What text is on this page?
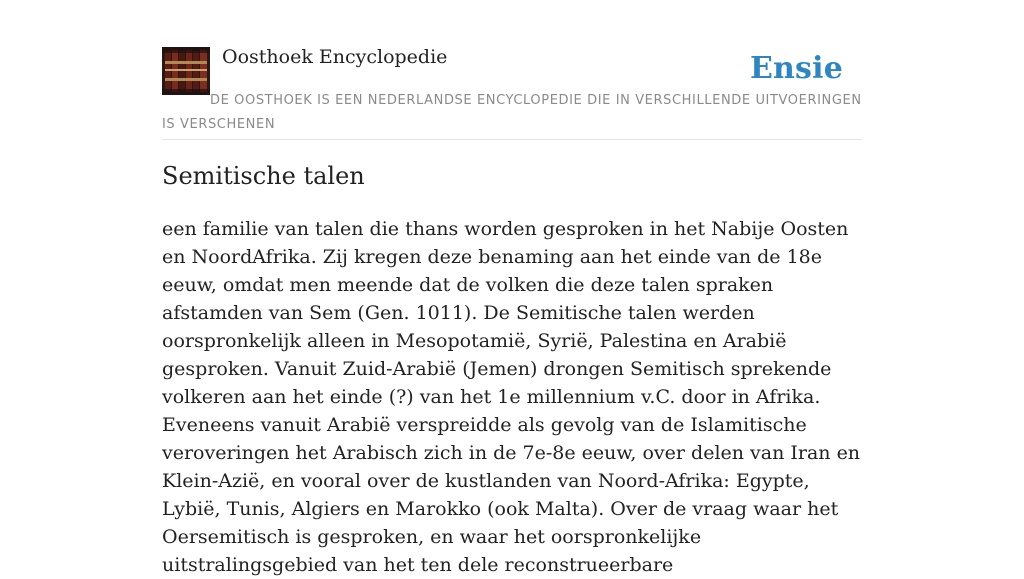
Oosthoek Encyclopedie	Ensie

DE OOSTHOEK IS EEN NEDERLANDSE ENCYCLOPEDIE DIE IN VERSCHILLENDE UITVOERINGEN IS VERSCHENEN

Semitische talen

een familie van talen die thans worden gesproken in het Nabije Oosten en NoordAfrika. Zij kregen deze benaming aan het einde van de 18e eeuw, omdat men meende dat de volken die deze talen spraken afstamden van Sem (Gen. 1011). De Semitische talen werden oorspronkelijk alleen in Mesopotamië, Syrië, Palestina en Arabië gesproken. Vanuit Zuid-Arabië (Jemen) drongen Semitisch sprekende volkeren aan het einde (?) van het 1e millennium v.C. door in Afrika. Eveneens vanuit Arabië verspreidde als gevolg van de Islamitische veroveringen het Arabisch zich in de 7e-8e eeuw, over delen van Iran en Klein-Azië, en vooral over de kustlanden van Noord-Afrika: Egypte, Lybië, Tunis, Algiers en Marokko (ook Malta). Over de vraag waar het Oersemitisch is gesproken, en waar het oorspronkelijke uitstralingsgebied van het ten dele reconstrueerbare
